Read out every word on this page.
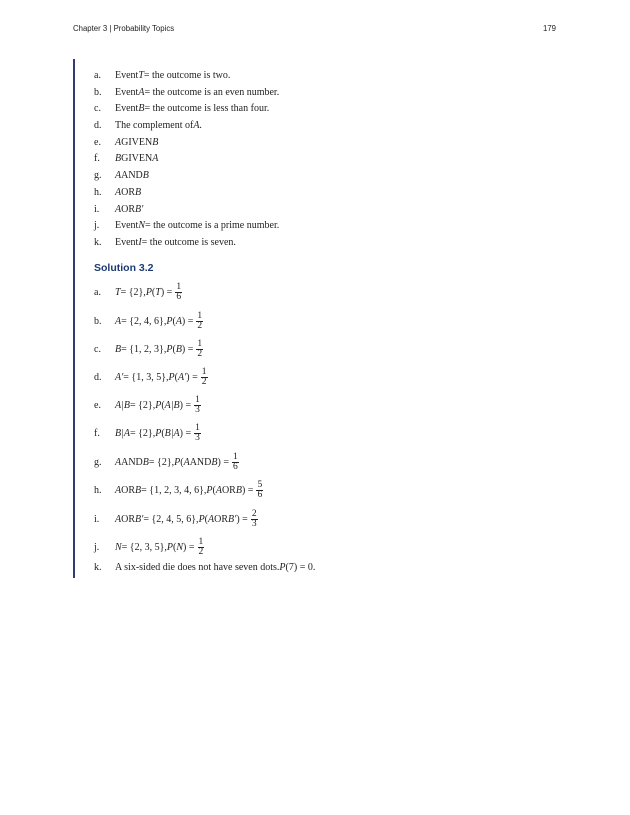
Chapter 3 | Probability Topics	179
a.	Event T = the outcome is two.
b.	Event A = the outcome is an even number.
c.	Event B = the outcome is less than four.
d.	The complement of A .
e.	A GIVEN B
f.	B GIVEN A
g.	A AND B
h.	A OR B
i.	A OR B′
j.	Event N = the outcome is a prime number.
k.	Event I = the outcome is seven.
Solution 3.2
a.	T = {2}, P ( T ) = $\frac{1}{6}$
b.	A = {2, 4, 6}, P ( A ) = $\frac{1}{2}$
c.	B = {1, 2, 3}, P ( B ) = $\frac{1}{2}$
d.	A′ = {1, 3, 5}, P ( A′ ) = $\frac{1}{2}$
e.	A|B = {2}, P ( A|B ) = $\frac{1}{3}$
f.	B|A = {2}, P ( B|A ) = $\frac{1}{3}$
g.	A AND B = {2}, P ( A AND B ) = $\frac{1}{6}$
h.	A OR B = {1, 2, 3, 4, 6}, P ( A OR B ) = $\frac{5}{6}$
i.	A OR B′ = {2, 4, 5, 6}, P ( A OR B′ ) = $\frac{2}{3}$
j.	N = {2, 3, 5}, P ( N ) = $\frac{1}{2}$
k.	A six-sided die does not have seven dots. P (7) = 0.
